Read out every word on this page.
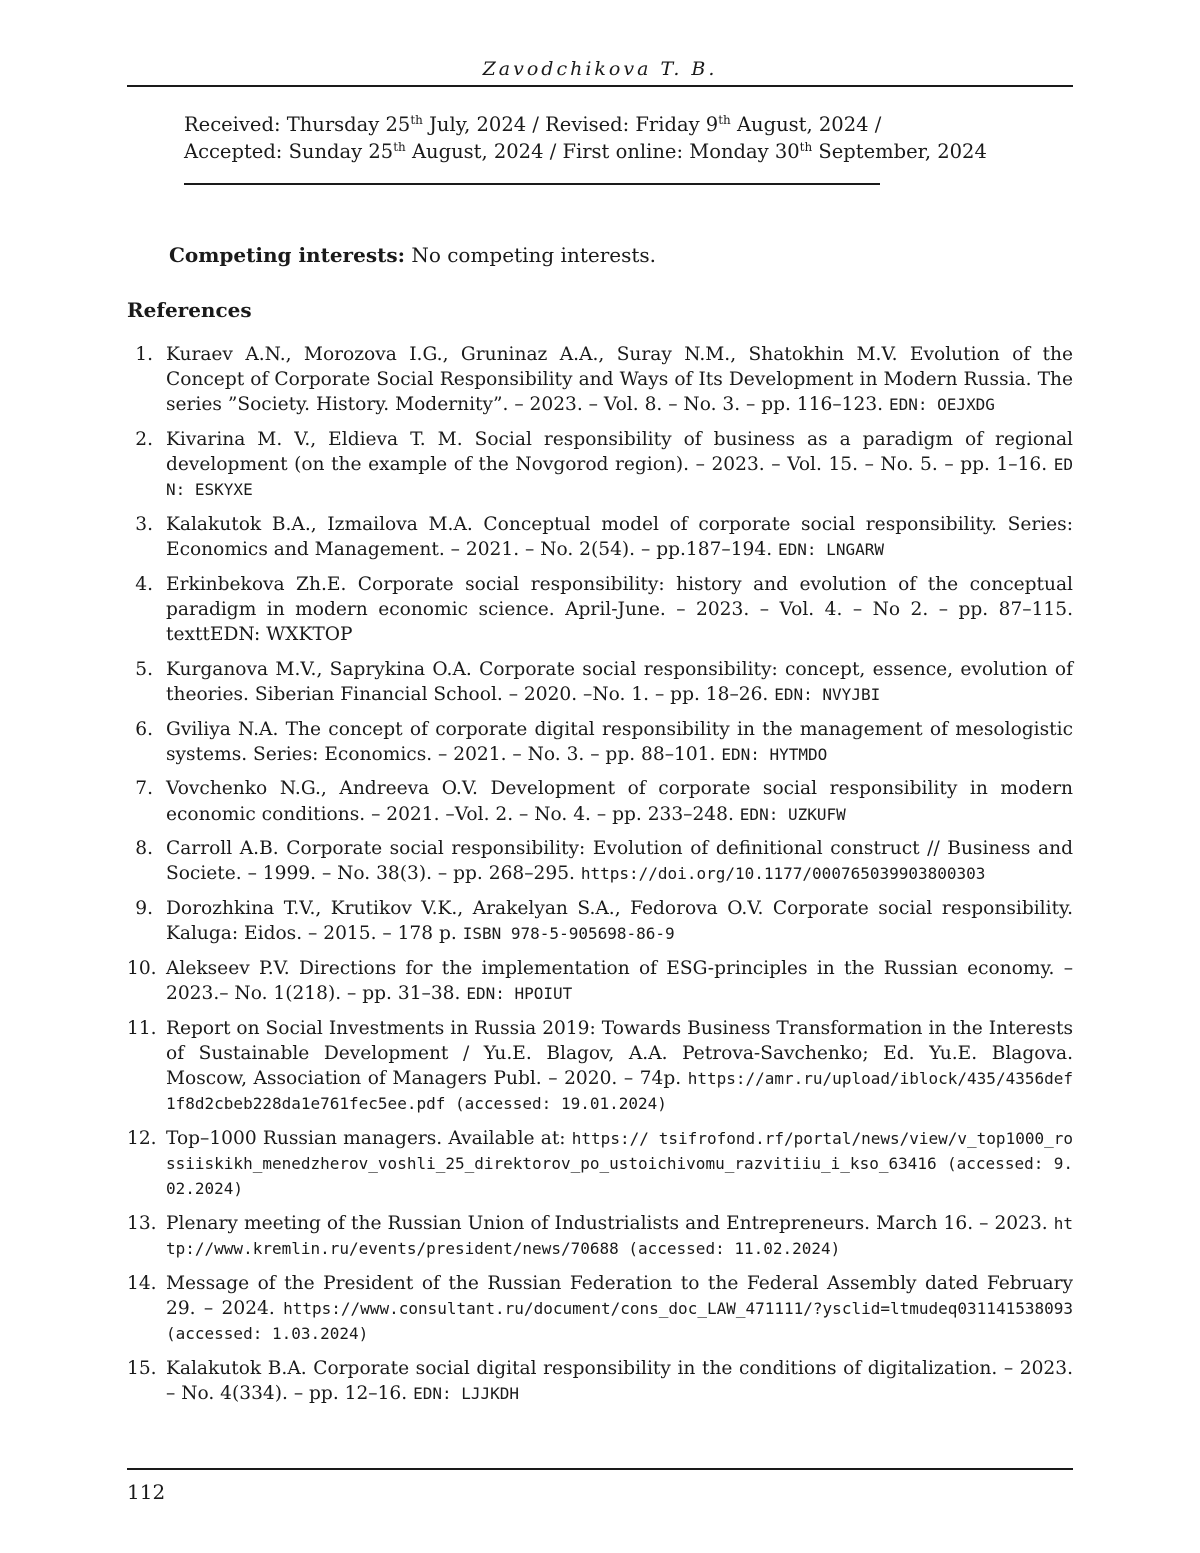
Zavodchikova T. B.
Received: Thursday 25th July, 2024 / Revised: Friday 9th August, 2024 /
Accepted: Sunday 25th August, 2024 / First online: Monday 30th September, 2024
Competing interests: No competing interests.
References
1. Kuraev A.N., Morozova I.G., Gruninaz A.A., Suray N.M., Shatokhin M.V. Evolution of the Concept of Corporate Social Responsibility and Ways of Its Development in Modern Russia. The series ”Society. History. Modernity”. – 2023. – Vol. 8. – No. 3. – pp. 116–123. EDN: OEJXDG
2. Kivarina M. V., Eldieva T. M. Social responsibility of business as a paradigm of regional development (on the example of the Novgorod region). – 2023. – Vol. 15. – No. 5. – pp. 1–16. EDN: ESKYXE
3. Kalakutok B.A., Izmailova M.A. Conceptual model of corporate social responsibility. Series: Economics and Management. – 2021. – No. 2(54). – pp.187–194. EDN: LNGARW
4. Erkinbekova Zh.E. Corporate social responsibility: history and evolution of the conceptual paradigm in modern economic science. April-June. – 2023. – Vol. 4. – No 2. – pp. 87–115. texttEDN: WXKTOP
5. Kurganova M.V., Saprykina O.A. Corporate social responsibility: concept, essence, evolution of theories. Siberian Financial School. – 2020. –No. 1. – pp. 18–26. EDN: NVYJBI
6. Gviliya N.A. The concept of corporate digital responsibility in the management of mesologistic systems. Series: Economics. – 2021. – No. 3. – pp. 88–101. EDN: HYTMDO
7. Vovchenko N.G., Andreeva O.V. Development of corporate social responsibility in modern economic conditions. – 2021. –Vol. 2. – No. 4. – pp. 233–248. EDN: UZKUFW
8. Carroll A.B. Corporate social responsibility: Evolution of definitional construct // Business and Societe. – 1999. – No. 38(3). – pp. 268–295. https://doi.org/10.1177/000765039903800303
9. Dorozhkina T.V., Krutikov V.K., Arakelyan S.A., Fedorova O.V. Corporate social responsibility. Kaluga: Eidos. – 2015. – 178 p. ISBN 978-5-905698-86-9
10. Alekseev P.V. Directions for the implementation of ESG-principles in the Russian economy. – 2023.– No. 1(218). – pp. 31–38. EDN: HPOIUT
11. Report on Social Investments in Russia 2019: Towards Business Transformation in the Interests of Sustainable Development / Yu.E. Blagov, A.A. Petrova-Savchenko; Ed. Yu.E. Blagova. Moscow, Association of Managers Publ. – 2020. – 74p. https://amr.ru/upload/iblock/435/4356def1f8d2cbeb228da1e761fec5ee.pdf (accessed: 19.01.2024)
12. Top–1000 Russian managers. Available at: https:// tsifrofond.rf/portal/news/view/v_top1000_rossiiskikh_menedzherov_voshli_25_direktorov_po_ustoichivomu_razvitiiu_i_kso_63416 (accessed: 9.02.2024)
13. Plenary meeting of the Russian Union of Industrialists and Entrepreneurs. March 16. – 2023. http://www.kremlin.ru/events/president/news/70688 (accessed: 11.02.2024)
14. Message of the President of the Russian Federation to the Federal Assembly dated February 29. – 2024. https://www.consultant.ru/document/cons_doc_LAW_471111/?ysclid=ltmudeq031141538093 (accessed: 1.03.2024)
15. Kalakutok B.A. Corporate social digital responsibility in the conditions of digitalization. – 2023. – No. 4(334). – pp. 12–16. EDN: LJJKDH
112
